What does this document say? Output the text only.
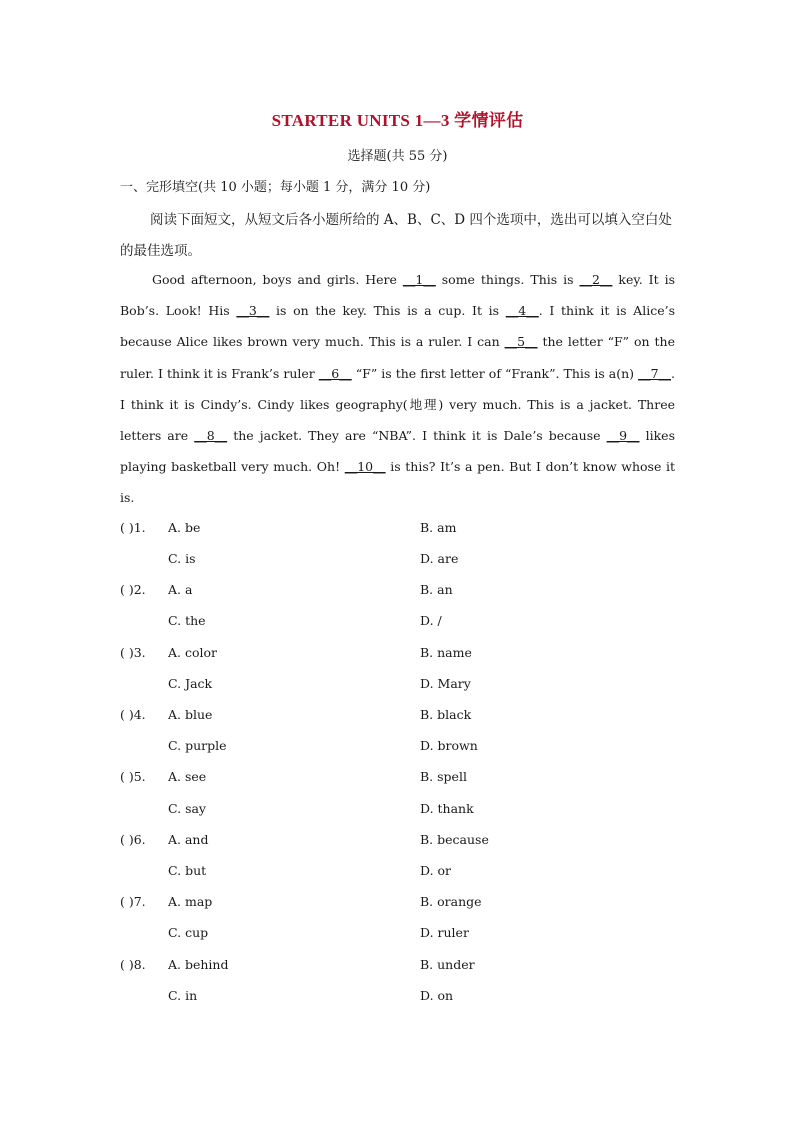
STARTER UNITS 1—3 学情评估
选择题(共 55 分)
一、完形填空(共 10 小题；每小题 1 分，满分 10 分)
阅读下面短文，从短文后各小题所给的 A、B、C、D 四个选项中，选出可以填入空白处的最佳选项。
Good afternoon, boys and girls. Here __1__ some things. This is __2__ key. It is Bob’s. Look! His __3__ is on the key. This is a cup. It is __4__. I think it is Alice’s because Alice likes brown very much. This is a ruler. I can __5__ the letter “F” on the ruler. I think it is Frank’s ruler __6__ “F” is the first letter of “Frank”. This is a(n) __7__. I think it is Cindy’s. Cindy likes geography(地理) very much. This is a jacket. Three letters are __8__ the jacket. They are “NBA”. I think it is Dale’s because __9__ likes playing basketball very much. Oh! __10__ is this? It’s a pen. But I don’t know whose it is.
( )1. A. be	B. am
C. is	D. are
( )2. A. a	B. an
C. the	D. /
( )3. A. color	B. name
C. Jack	D. Mary
( )4. A. blue	B. black
C. purple	D. brown
( )5. A. see	B. spell
C. say	D. thank
( )6. A. and	B. because
C. but	D. or
( )7. A. map	B. orange
C. cup	D. ruler
( )8. A. behind	B. under
C. in	D. on
